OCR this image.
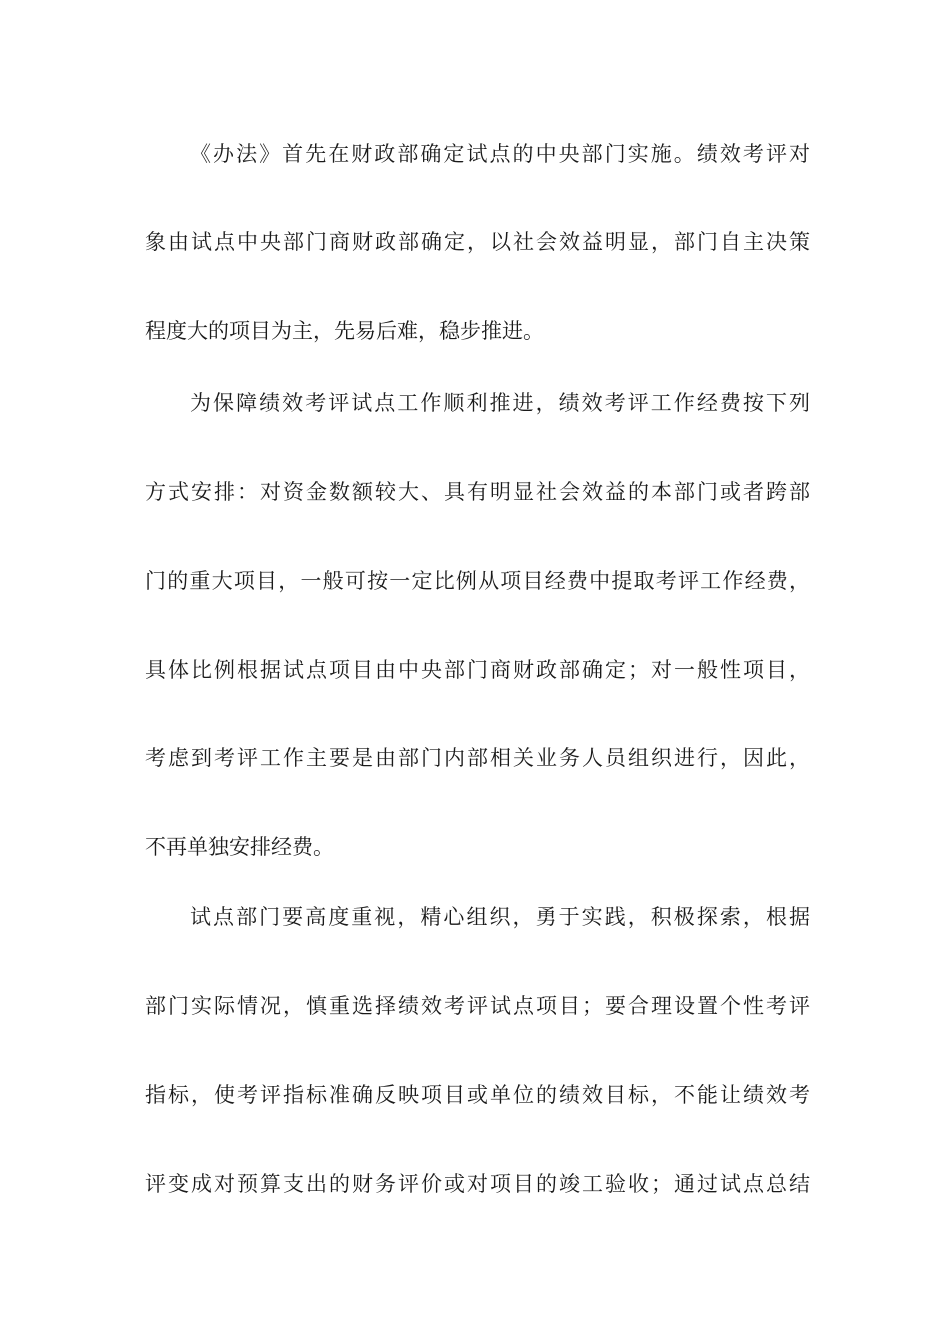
《办法》首先在财政部确定试点的中央部门实施。绩效考评对
象由试点中央部门商财政部确定，以社会效益明显，部门自主决策
程度大的项目为主，先易后难，稳步推进。
为保障绩效考评试点工作顺利推进，绩效考评工作经费按下列
方式安排：对资金数额较大、具有明显社会效益的本部门或者跨部
门的重大项目，一般可按一定比例从项目经费中提取考评工作经费，
具体比例根据试点项目由中央部门商财政部确定；对一般性项目，
考虑到考评工作主要是由部门内部相关业务人员组织进行，因此，
不再单独安排经费。
试点部门要高度重视，精心组织，勇于实践，积极探索，根据
部门实际情况，慎重选择绩效考评试点项目；要合理设置个性考评
指标，使考评指标准确反映项目或单位的绩效目标，不能让绩效考
评变成对预算支出的财务评价或对项目的竣工验收；通过试点总结
